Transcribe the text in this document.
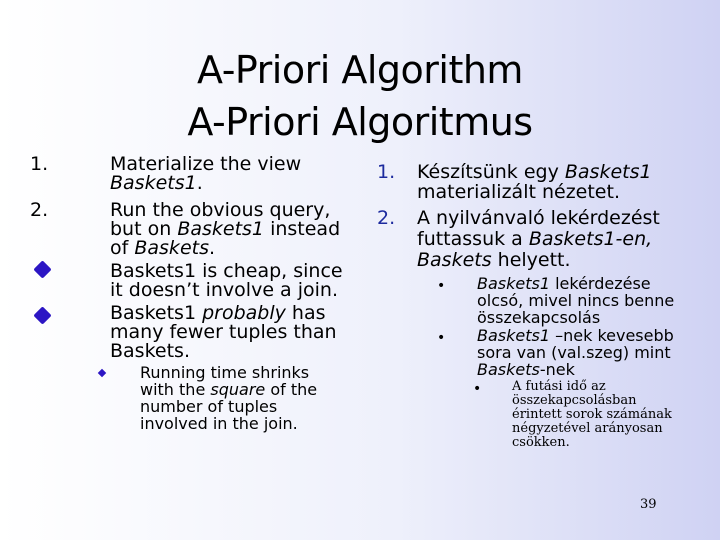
A-Priori Algorithm
A-Priori Algoritmus
1.	Materialize the view
Baskets1.
2.	Run the obvious query,
but on Baskets1 instead
of Baskets.
Baskets1 is cheap, since
it doesn’t involve a join.
Baskets1 probably has
many fewer tuples than
Baskets.
Running time shrinks
with the square of the
number of tuples
involved in the join.
1. Készítsünk egy Baskets1
materializált nézetet.
2. A nyilvánvaló lekérdezést
futtassuk a Baskets1-en,
Baskets helyett.
• Baskets1 lekérdezése
olcsó, mivel nincs benne
összekapcsolás
• Baskets1 –nek kevesebb
sora van (val.szeg) mint
Baskets-nek
• A futási idő az
összekapcsolásban
érintett sorok számának
négyzetével arányosan
csökken.
39
